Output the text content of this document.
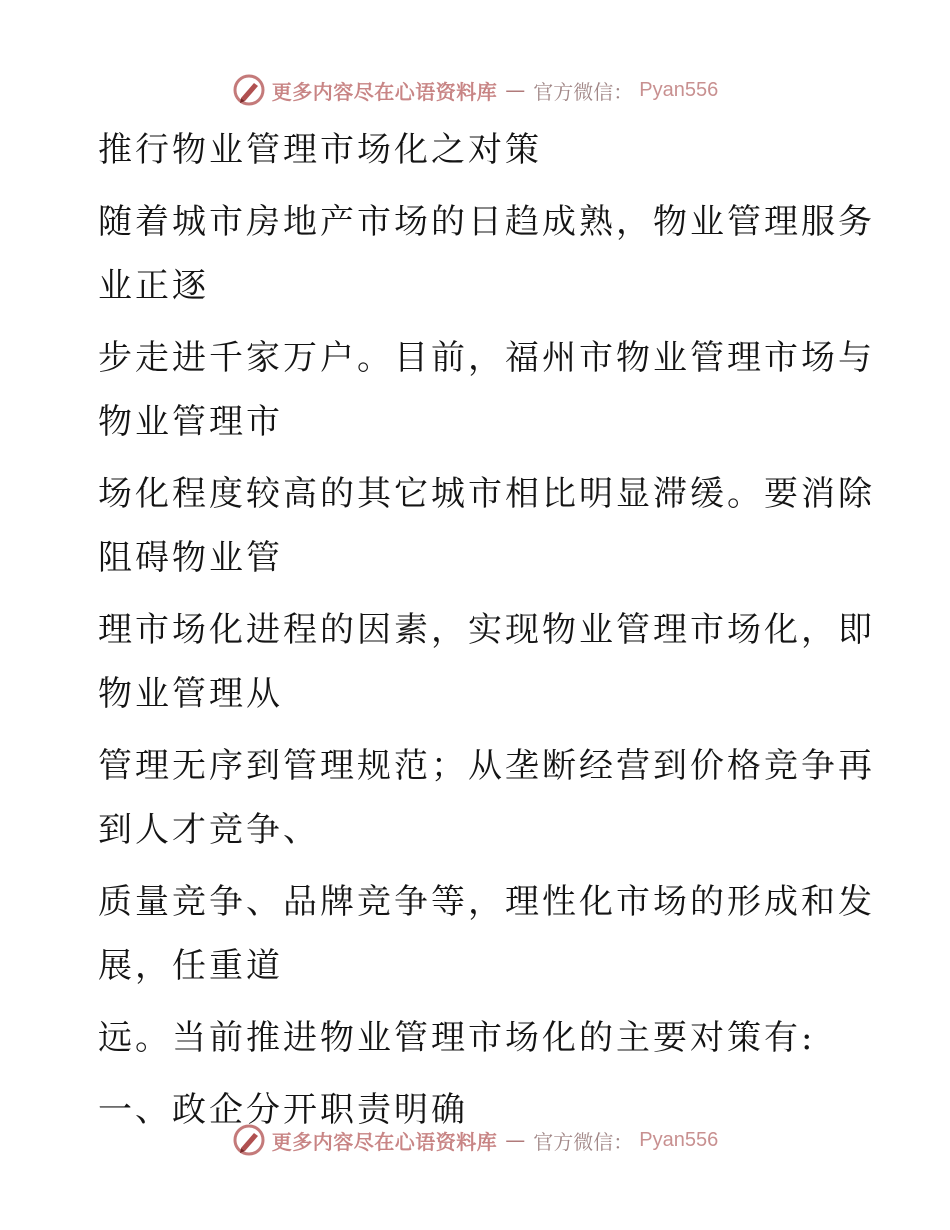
更多内容尽在心语资料库 — 官方微信： Pyan556
推行物业管理市场化之对策
随着城市房地产市场的日趋成熟，物业管理服务
业正逐
步走进千家万户。目前，福州市物业管理市场与
物业管理市
场化程度较高的其它城市相比明显滞缓。要消除
阻碍物业管
理市场化进程的因素，实现物业管理市场化，即
物业管理从
管理无序到管理规范；从垄断经营到价格竞争再
到人才竞争、
质量竞争、品牌竞争等，理性化市场的形成和发
展，任重道
远。当前推进物业管理市场化的主要对策有:
一、政企分开职责明确
更多内容尽在心语资料库 — 官方微信： Pyan556
